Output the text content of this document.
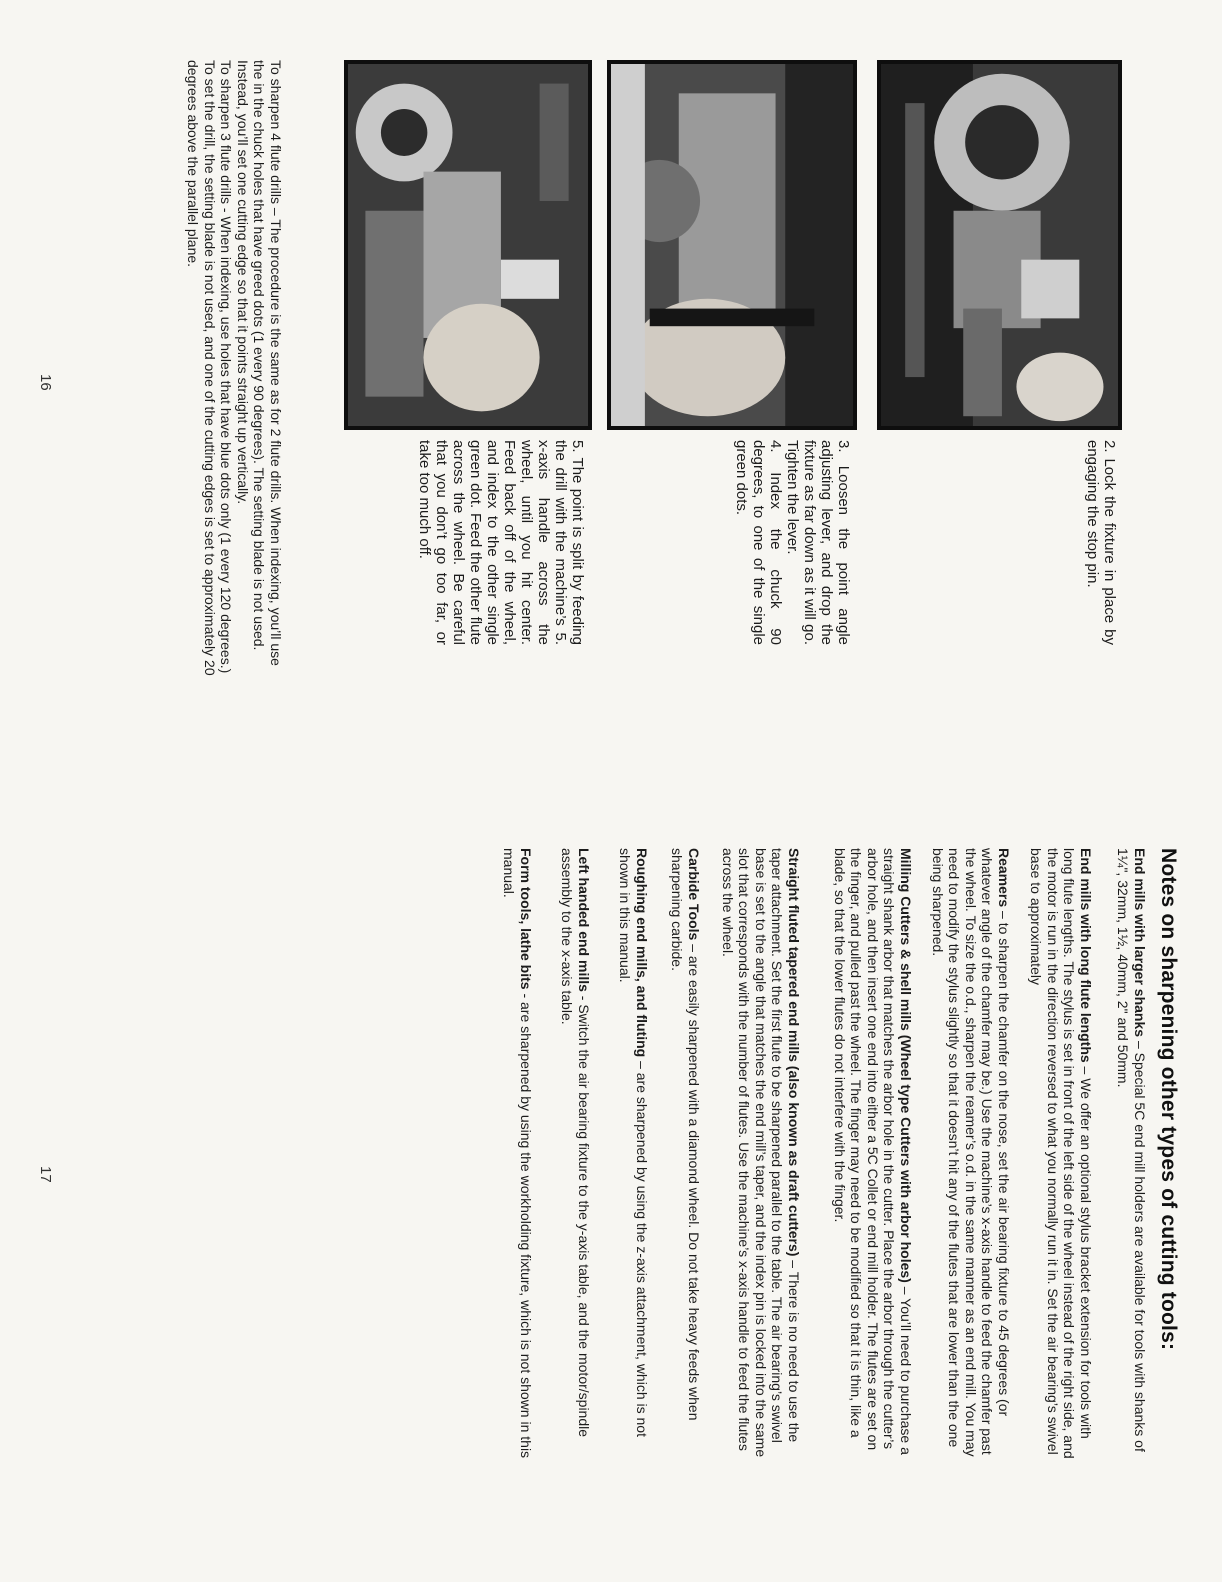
2. Lock the fixture in place by engaging the stop pin.
3. Loosen the point angle adjusting lever, and drop the fixture as far down as it will go. Tighten the lever.
4. Index the chuck 90 degrees, to one of the single green dots.
5. The point is split by feeding the drill with the machine’s 5. x-axis handle across the wheel, until you hit center. Feed back off of the wheel, and index to the other single green dot. Feed the other flute across the wheel. Be careful that you don’t go too far, or take too much off.

To sharpen 4 flute drills – The procedure is the same as for 2 flute drills. When indexing, you’ll use the in the chuck holes that have greed dots (1 every 90 degrees). The setting blade is not used. Instead, you’ll set one cutting edge so that it points straight up vertically.

To sharpen 3 flute drills - When indexing, use holes that have blue dots only (1 every 120 degrees.) To set the drill, the setting blade is not used, and one of the cutting edges is set to approximately 20 degrees above the parallel plane.

16
Notes on sharpening other types of cutting tools:

End mills with larger shanks – Special 5C end mill holders are available for tools with shanks of 1¼", 32mm, 1½, 40mm, 2" and 50mm.

End mills with long flute lengths – We offer an optional stylus bracket extension for tools with long flute lengths. The stylus is set in front of the left side of the wheel instead of the right side, and the motor is run in the direction reversed to what you normally run it in. Set the air bearing’s swivel base to approximately

Reamers – to sharpen the chamfer on the nose, set the air bearing fixture to 45 degrees (or whatever angle of the chamfer may be.) Use the machine’s x-axis handle to feed the chamfer past the wheel. To size the o.d., sharpen the reamer’s o.d. in the same manner as an end mill. You may need to modify the stylus slightly so that it doesn’t hit any of the flutes that are lower than the one being sharpened.

Milling Cutters & shell mills (Wheel type Cutters with arbor holes) – You’ll need to purchase a straight shank arbor that matches the arbor hole in the cutter. Place the arbor through the cutter’s arbor hole, and then insert one end into either a 5C Collet or end mill holder. The flutes are set on the finger, and pulled past the wheel. The finger may need to be modified so that it is thin, like a blade, so that the lower flutes do not interfere with the finger.

Straight fluted tapered end mills (also known as draft cutters) – There is no need to use the taper attachment. Set the first flute to be sharpened parallel to the table. The air bearing’s swivel base is set to the angle that matches the end mill’s taper, and the index pin is locked into the same slot that corresponds with the number of flutes. Use the machine’s x-axis handle to feed the flutes across the wheel.

Carbide Tools – are easily sharpened with a diamond wheel. Do not take heavy feeds when sharpening carbide.

Roughing end mills, and fluting – are sharpened by using the z-axis attachment, which is not shown in this manual.

Left handed end mills - Switch the air bearing fixture to the y-axis table, and the motor/spindle assembly to the x-axis table.

Form tools, lathe bits - are sharpened by using the workholding fixture, which is not shown in this manual.

17
